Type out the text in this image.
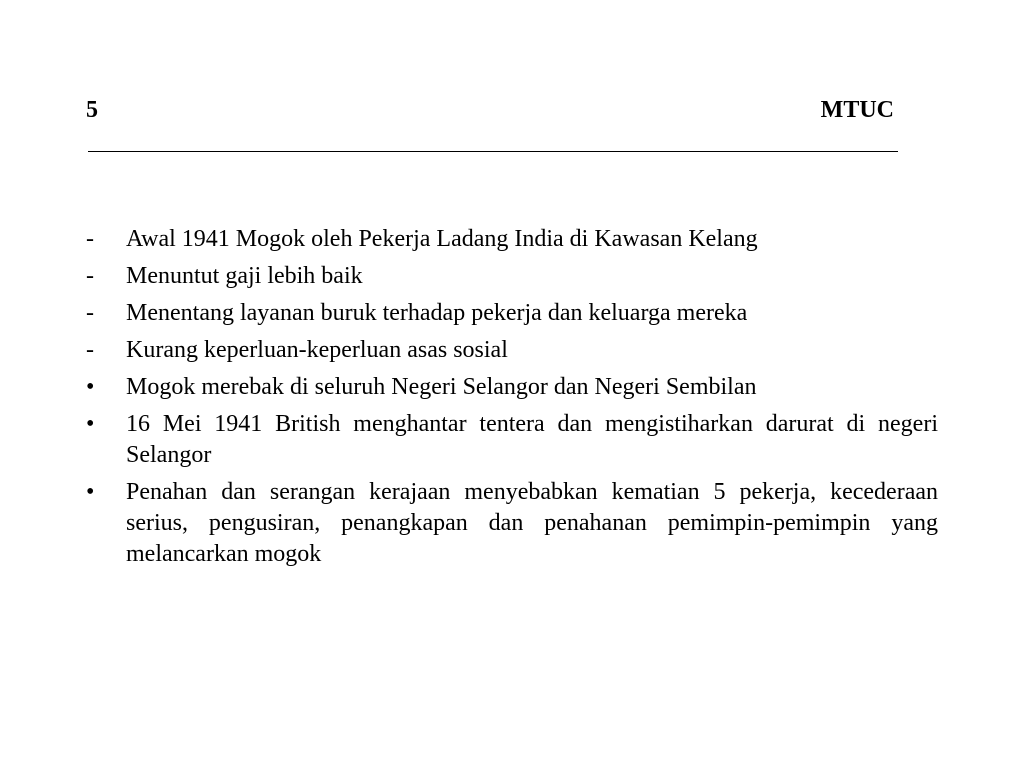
5	MTUC
-	Awal 1941 Mogok oleh Pekerja Ladang India di Kawasan Kelang
-	Menuntut gaji lebih baik
-	Menentang layanan buruk terhadap pekerja dan keluarga mereka
-	Kurang keperluan-keperluan asas sosial
•	Mogok merebak di seluruh Negeri Selangor dan Negeri Sembilan
•	16 Mei 1941 British menghantar tentera dan mengistiharkan darurat di negeri Selangor
•	Penahan dan serangan kerajaan menyebabkan kematian 5 pekerja, kecederaan serius, pengusiran, penangkapan dan penahanan pemimpin-pemimpin yang melancarkan mogok
